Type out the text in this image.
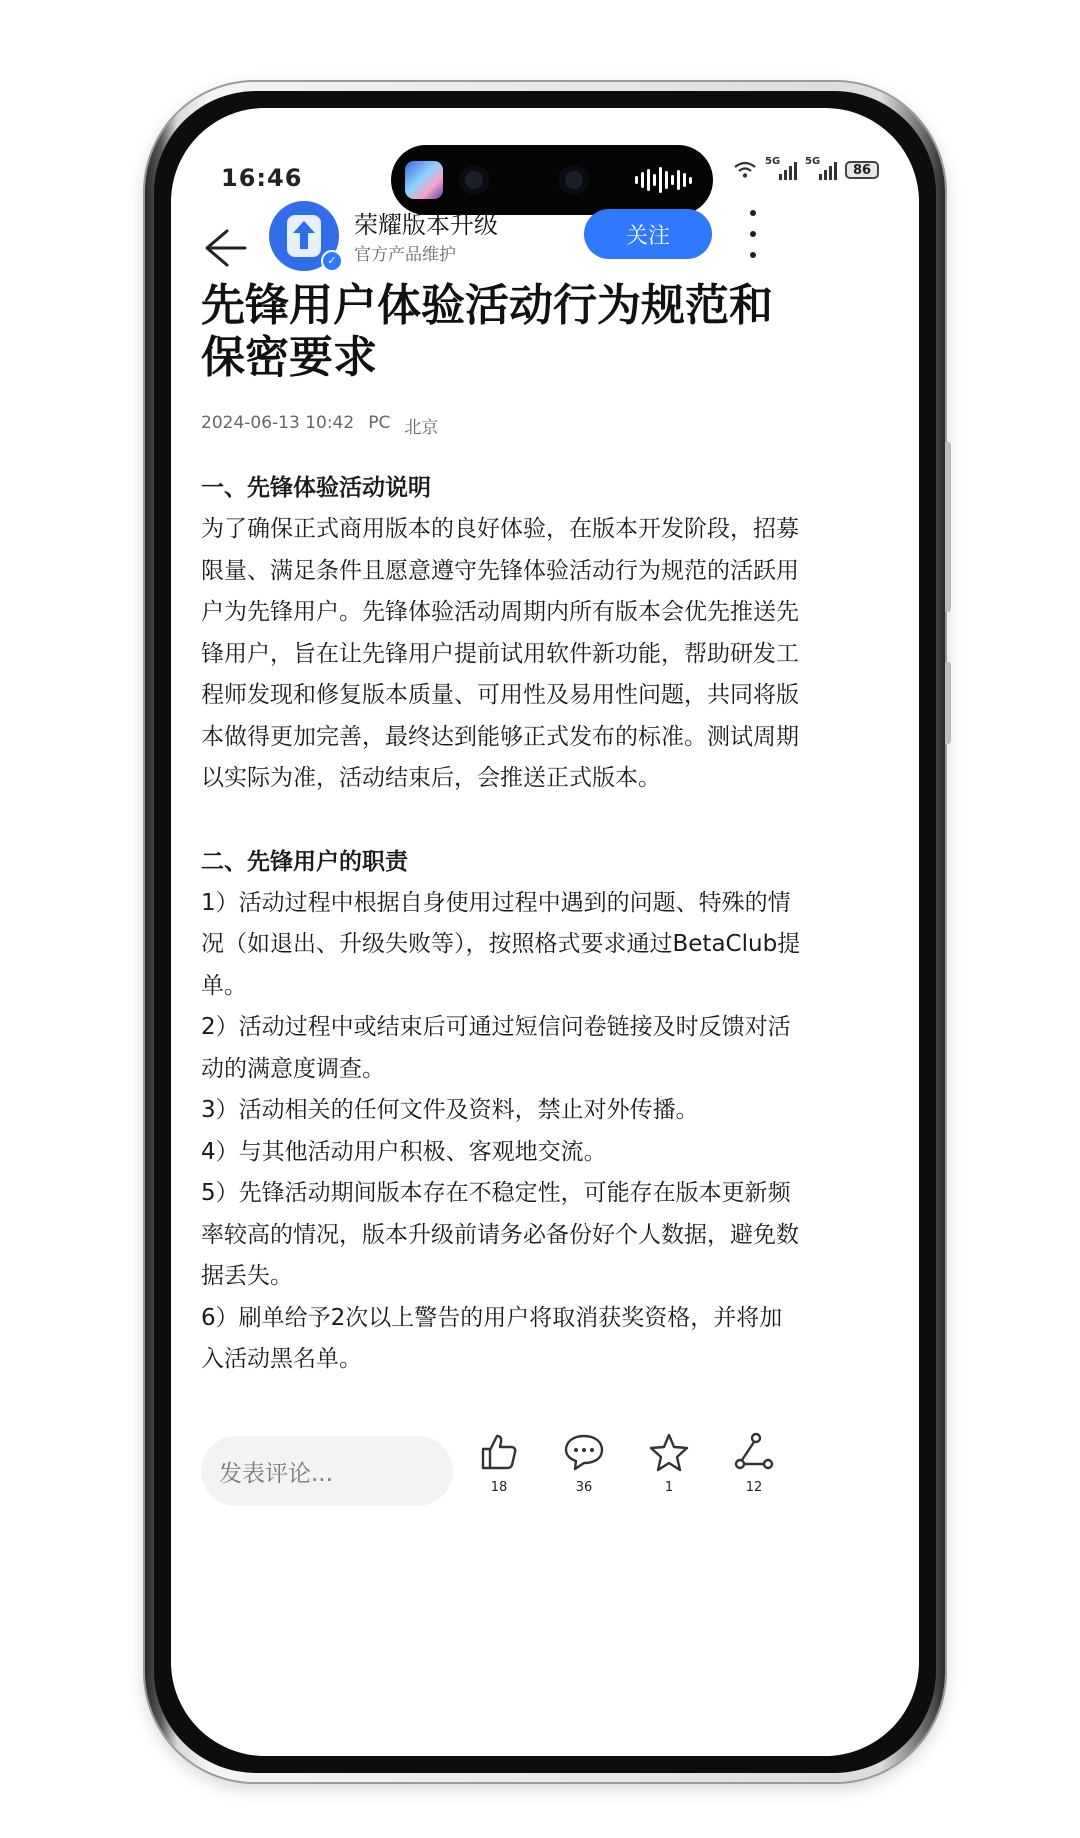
16:46
5G 5G
86
✓
荣耀版本升级
官方产品维护
关注
先锋用户体验活动行为规范和保密要求
2024-06-13 10:42 PC 北京

一、先锋体验活动说明

为了确保正式商用版本的良好体验，在版本开发阶段，招募限量、满足条件且愿意遵守先锋体验活动行为规范的活跃用户为先锋用户。先锋体验活动周期内所有版本会优先推送先锋用户，旨在让先锋用户提前试用软件新功能，帮助研发工程师发现和修复版本质量、可用性及易用性问题，共同将版本做得更加完善，最终达到能够正式发布的标准。测试周期以实际为准，活动结束后，会推送正式版本。

二、先锋用户的职责

1）活动过程中根据自身使用过程中遇到的问题、特殊的情况（如退出、升级失败等），按照格式要求通过BetaClub提单。

2）活动过程中或结束后可通过短信问卷链接及时反馈对活动的满意度调查。

3）活动相关的任何文件及资料，禁止对外传播。

4）与其他活动用户积极、客观地交流。

5）先锋活动期间版本存在不稳定性，可能存在版本更新频率较高的情况，版本升级前请务必备份好个人数据，避免数据丢失。

6）刷单给予2次以上警告的用户将取消获奖资格，并将加入活动黑名单。

发表评论...
18	36	1	12
